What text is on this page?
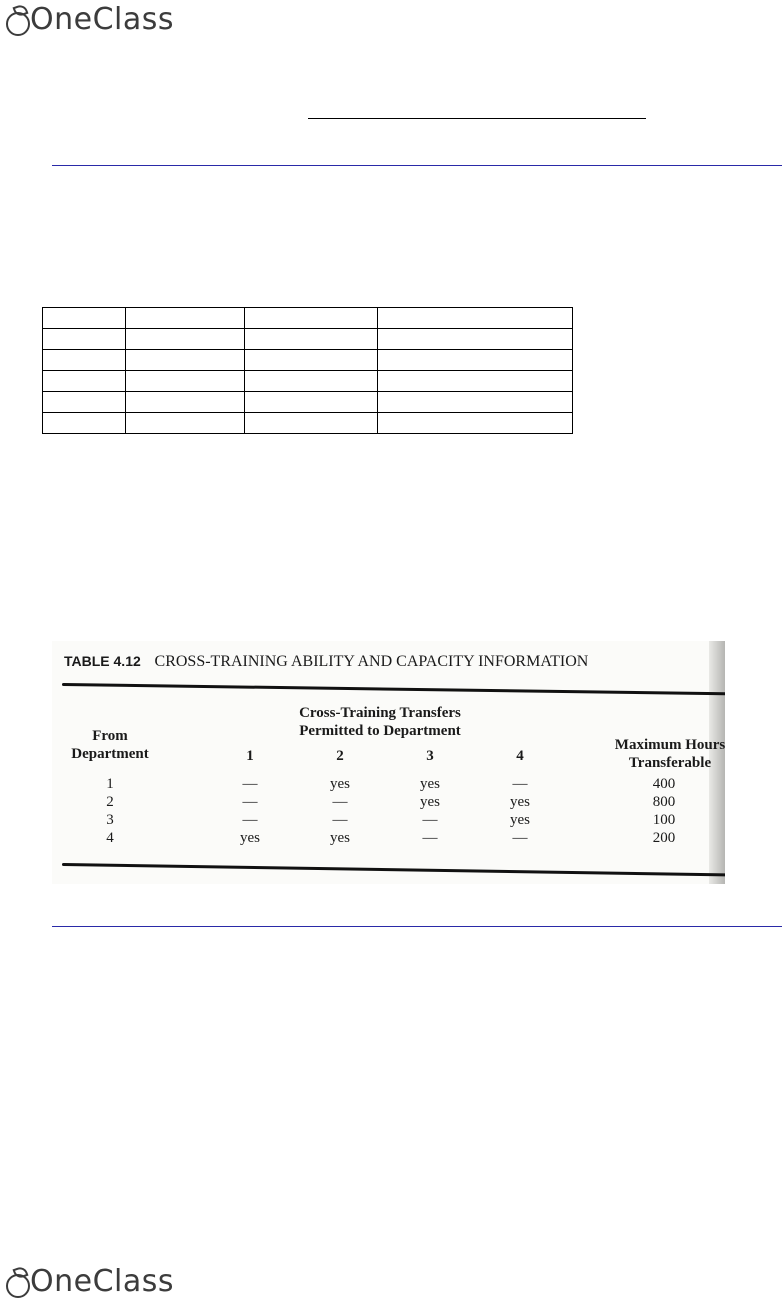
OneClass

TABLE 4.12 CROSS-TRAINING ABILITY AND CAPACITY INFORMATION
From
Department
Cross-Training Transfers
Permitted to Department
Maximum Hours
Transferable
1	2	3	4
1	—	yes	yes	—	400
2	—	—	yes	yes	800
3	—	—	—	yes	100
4	yes	yes	—	—	200
OneClass
